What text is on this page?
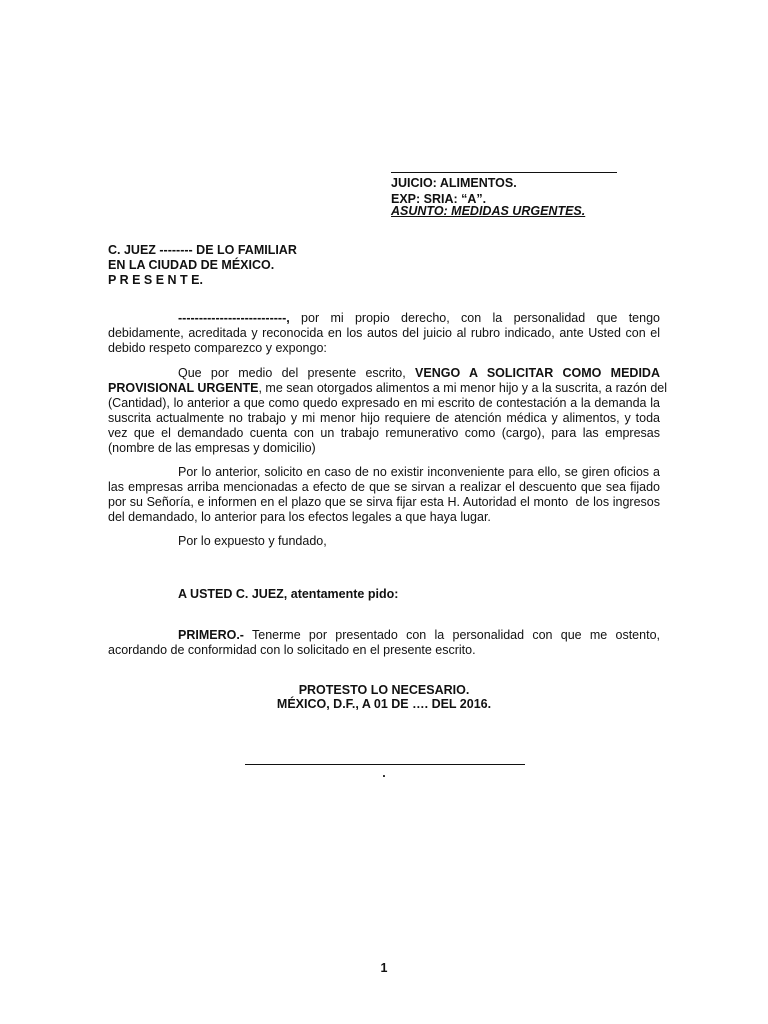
JUICIO: ALIMENTOS.
EXP: SRIA: “A”.
ASUNTO: MEDIDAS URGENTES.
C. JUEZ -------- DE LO FAMILIAR
EN LA CIUDAD DE MÉXICO.
P R E S E N T E.
--------------------------, por mi propio derecho, con la personalidad que tengo
debidamente, acreditada y reconocida en los autos del juicio al rubro indicado, ante Usted con el
debido respeto comparezco y expongo:
Que por medio del presente escrito, VENGO A SOLICITAR COMO MEDIDA
PROVISIONAL URGENTE, me sean otorgados alimentos a mi menor hijo y a la suscrita, a razón del
(Cantidad), lo anterior a que como quedo expresado en mi escrito de contestación a la demanda la
suscrita actualmente no trabajo y mi menor hijo requiere de atención médica y alimentos, y toda
vez que el demandado cuenta con un trabajo remunerativo como (cargo), para las empresas
(nombre de las empresas y domicilio)
Por lo anterior, solicito en caso de no existir inconveniente para ello, se giren oficios a
las empresas arriba mencionadas a efecto de que se sirvan a realizar el descuento que sea fijado
por su Señoría, e informen en el plazo que se sirva fijar esta H. Autoridad el monto  de los ingresos
del demandado, lo anterior para los efectos legales a que haya lugar.
Por lo expuesto y fundado,
A USTED C. JUEZ, atentamente pido:
PRIMERO.- Tenerme por presentado con la personalidad con que me ostento,
acordando de conformidad con lo solicitado en el presente escrito.
PROTESTO LO NECESARIO.
MÉXICO, D.F., A 01 DE …. DEL 2016.
.
1
